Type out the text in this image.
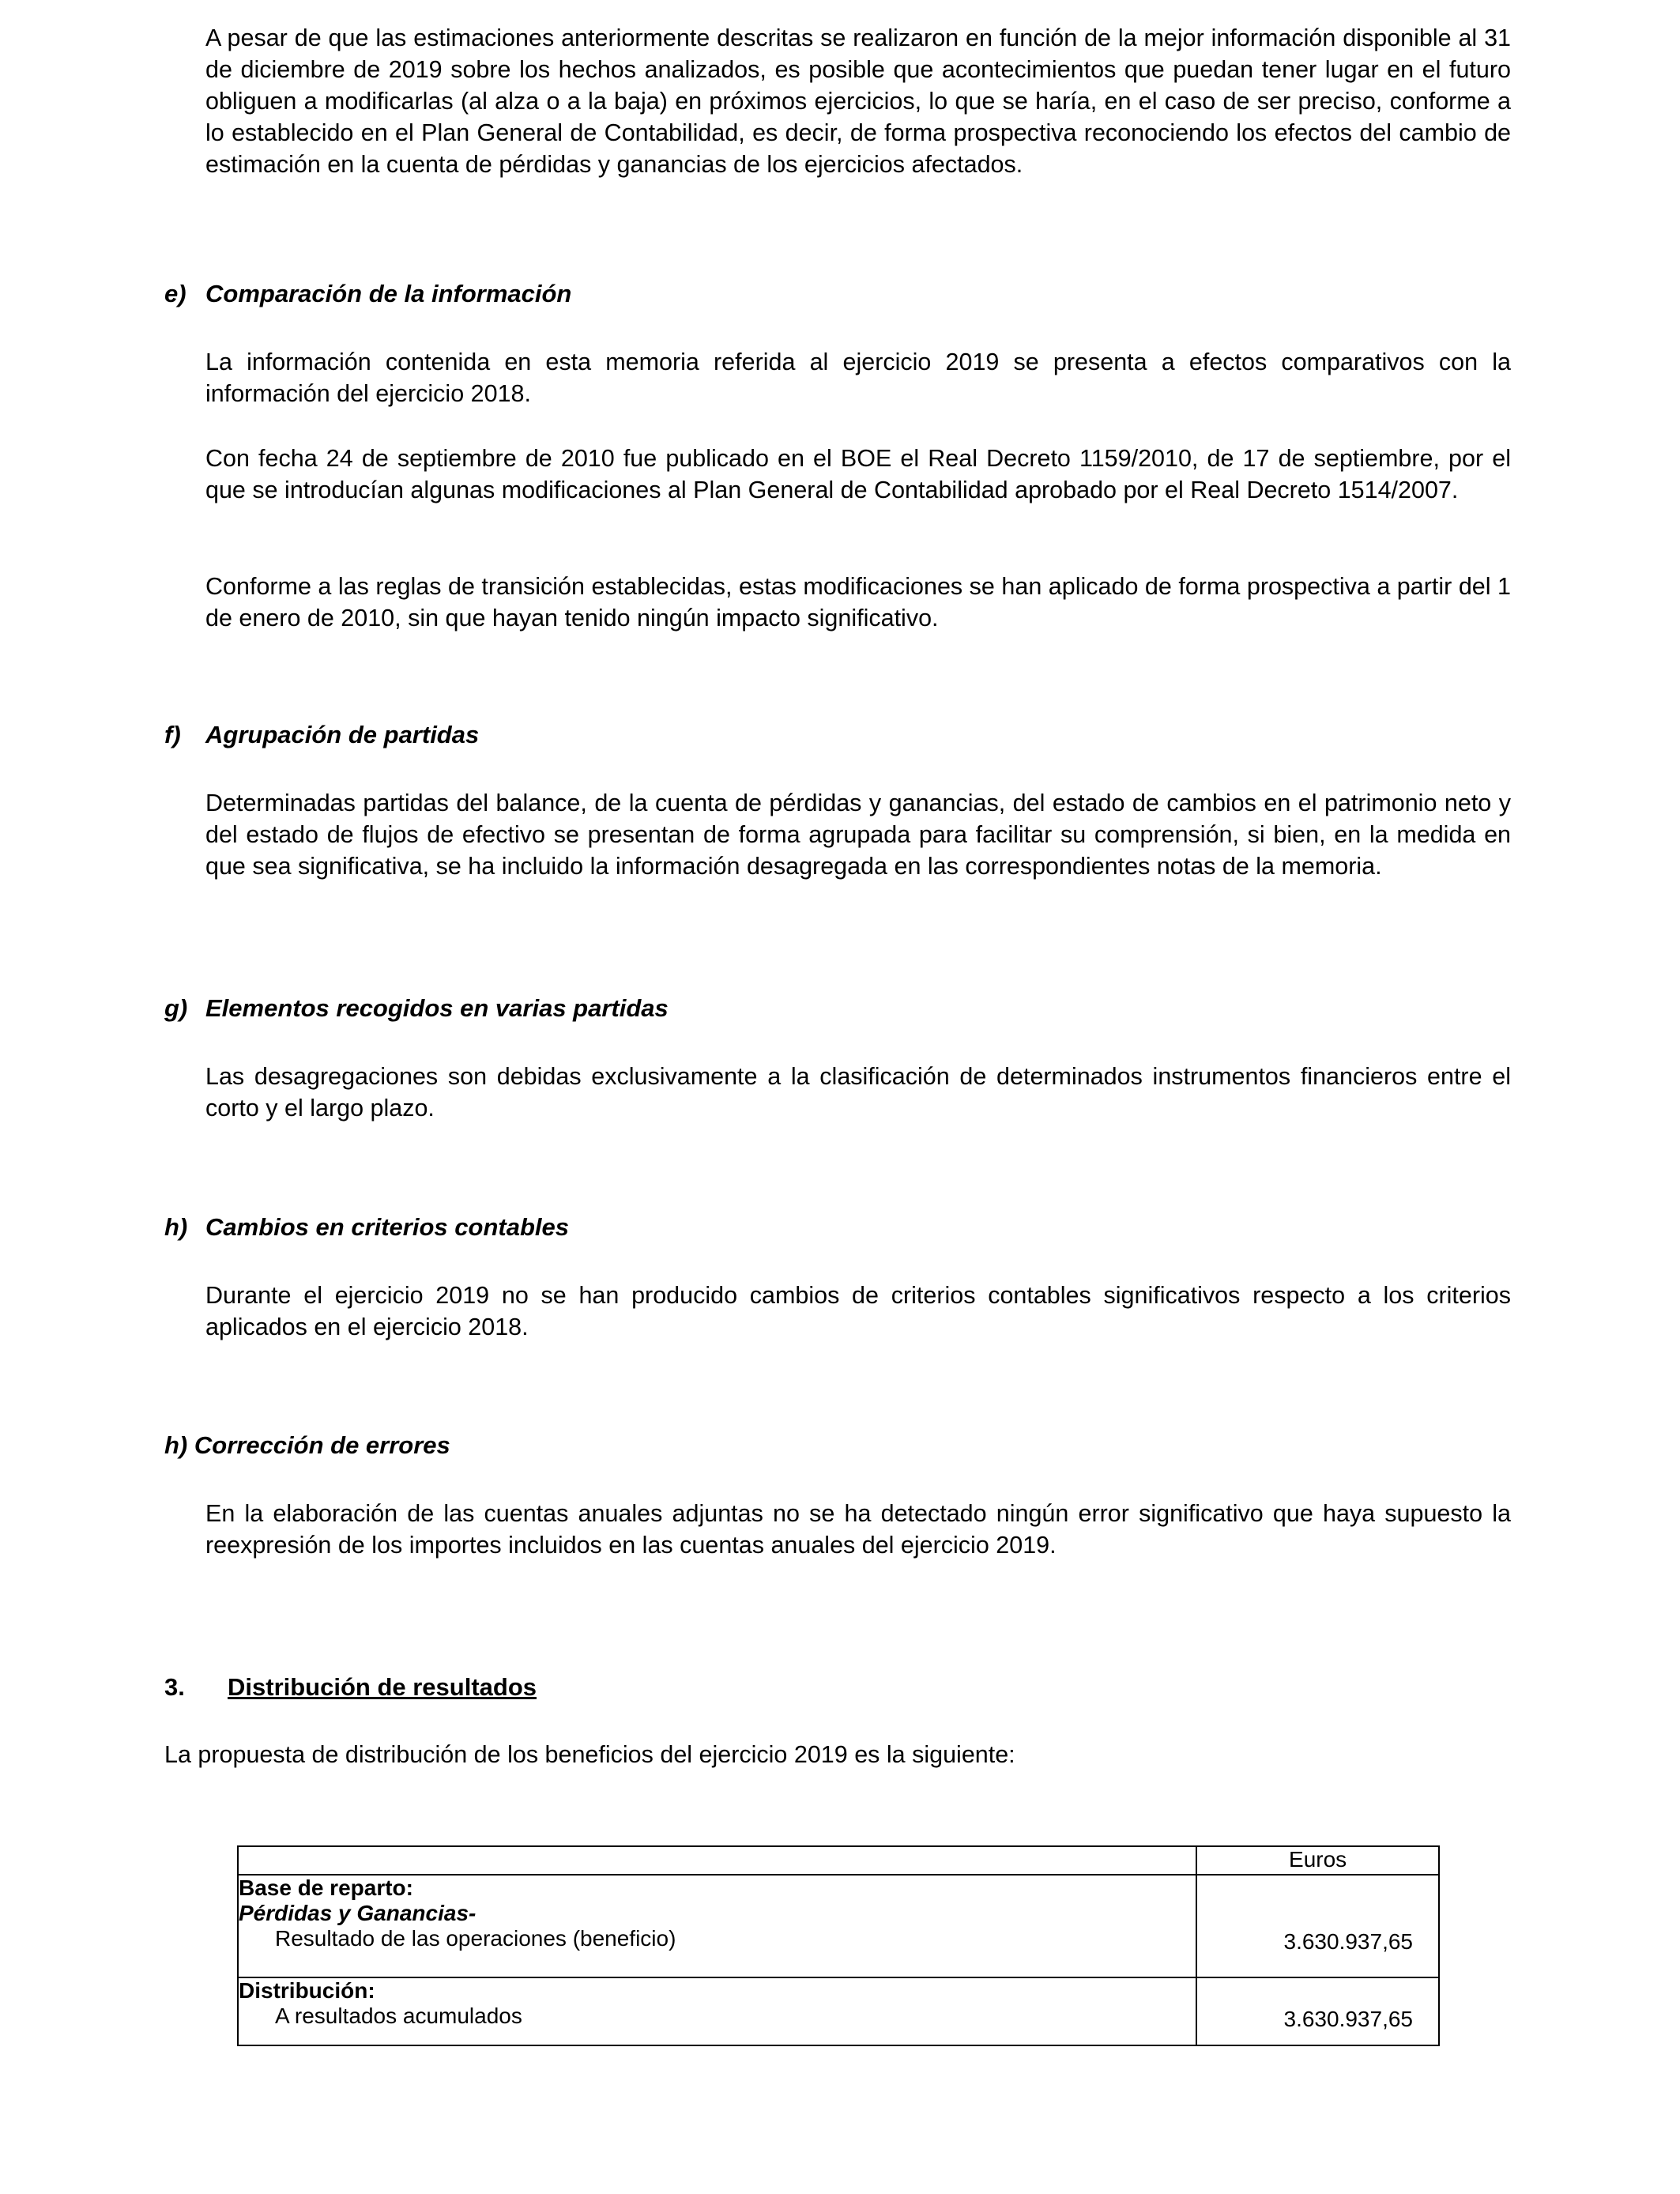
A pesar de que las estimaciones anteriormente descritas se realizaron en función de la mejor información disponible al 31 de diciembre de 2019 sobre los hechos analizados, es posible que acontecimientos que puedan tener lugar en el futuro obliguen a modificarlas (al alza o a la baja) en próximos ejercicios, lo que se haría, en el caso de ser preciso, conforme a lo establecido en el Plan General de Contabilidad, es decir, de forma prospectiva reconociendo los efectos del cambio de estimación en la cuenta de pérdidas y ganancias de los ejercicios afectados.

e) Comparación de la información

La información contenida en esta memoria referida al ejercicio 2019 se presenta a efectos comparativos con la información del ejercicio 2018.

Con fecha 24 de septiembre de 2010 fue publicado en el BOE el Real Decreto 1159/2010, de 17 de septiembre, por el que se introducían algunas modificaciones al Plan General de Contabilidad aprobado por el Real Decreto 1514/2007.

Conforme a las reglas de transición establecidas, estas modificaciones se han aplicado de forma prospectiva a partir del 1 de enero de 2010, sin que hayan tenido ningún impacto significativo.

f) Agrupación de partidas

Determinadas partidas del balance, de la cuenta de pérdidas y ganancias, del estado de cambios en el patrimonio neto y del estado de flujos de efectivo se presentan de forma agrupada para facilitar su comprensión, si bien, en la medida en que sea significativa, se ha incluido la información desagregada en las correspondientes notas de la memoria.

g) Elementos recogidos en varias partidas

Las desagregaciones son debidas exclusivamente a la clasificación de determinados instrumentos financieros entre el corto y el largo plazo.

h) Cambios en criterios contables

Durante el ejercicio 2019 no se han producido cambios de criterios contables significativos respecto a los criterios aplicados en el ejercicio 2018.

h) Corrección de errores

En la elaboración de las cuentas anuales adjuntas no se ha detectado ningún error significativo que haya supuesto la reexpresión de los importes incluidos en las cuentas anuales del ejercicio 2019.

3. Distribución de resultados
La propuesta de distribución de los beneficios del ejercicio 2019 es la siguiente:
	Euros

Base de reparto:
Pérdidas y Ganancias-
Resultado de las operaciones (beneficio)	3.630.937,65

Distribución:
A resultados acumulados	3.630.937,65
